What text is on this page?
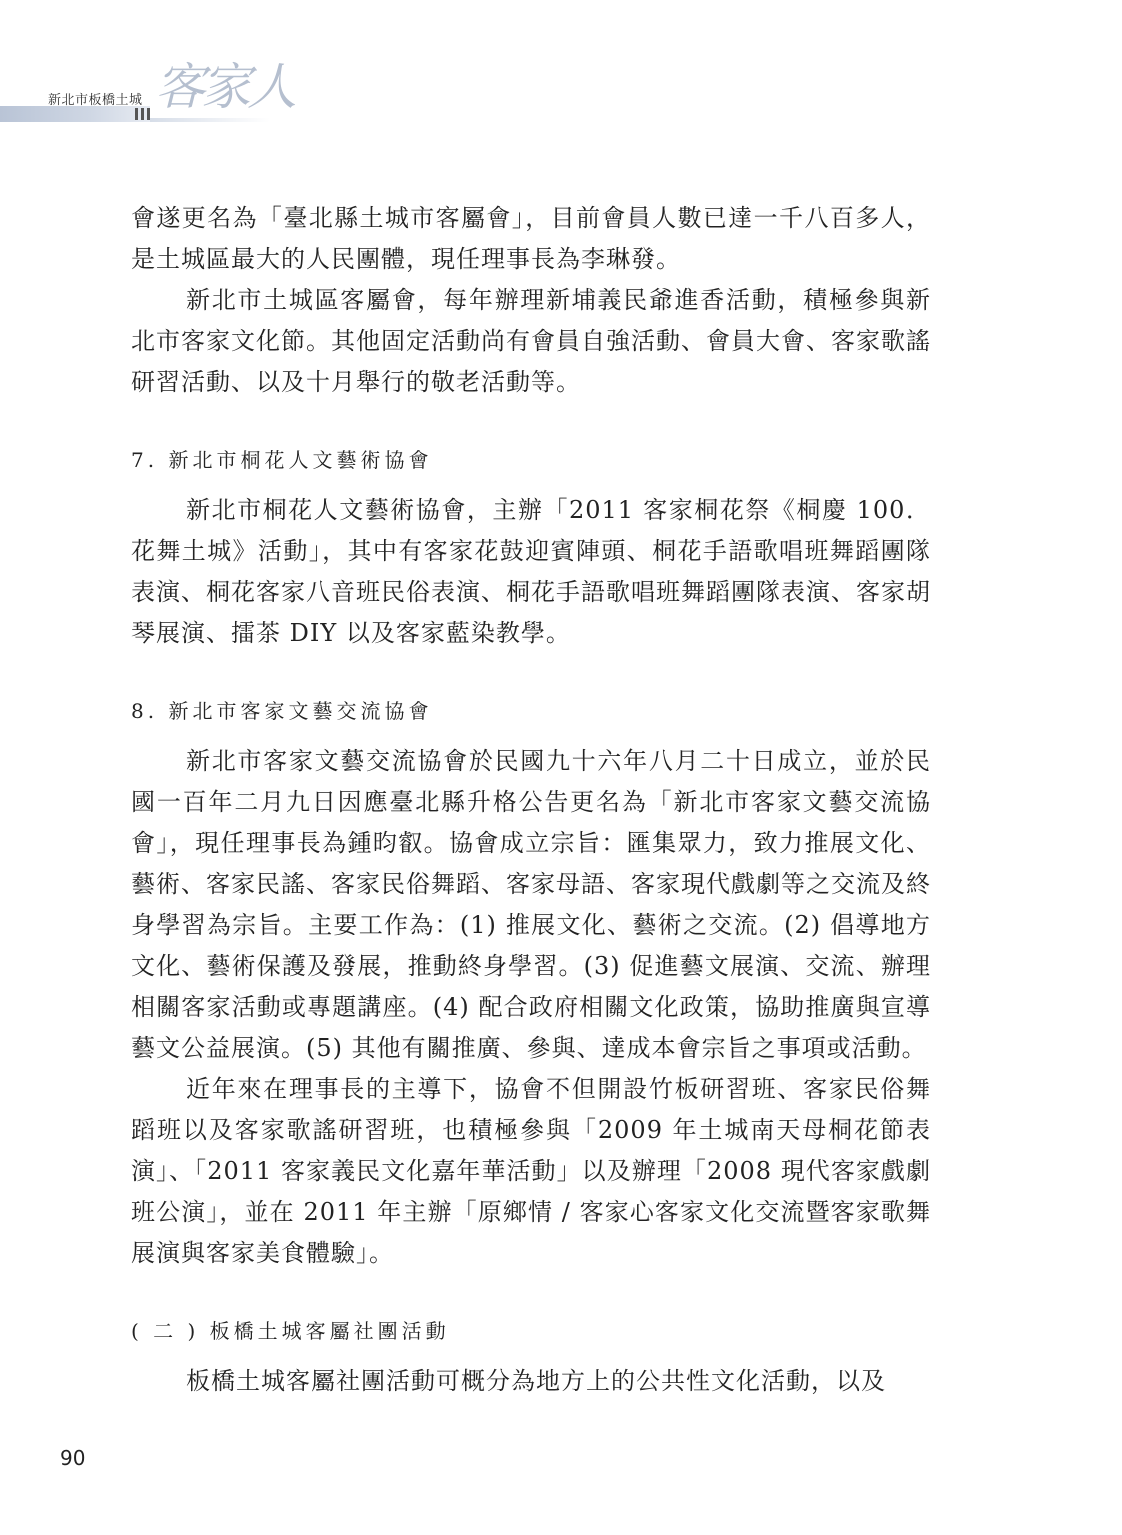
新北市板橋土城 客家人

會遂更名為「臺北縣土城市客屬會」，目前會員人數已達一千八百多人，是土城區最大的人民團體，現任理事長為李琳發。

新北市土城區客屬會，每年辦理新埔義民爺進香活動，積極參與新北市客家文化節。其他固定活動尚有會員自強活動、會員大會、客家歌謠研習活動、以及十月舉行的敬老活動等。

7. 新北市桐花人文藝術協會

新北市桐花人文藝術協會，主辦「2011 客家桐花祭《桐慶 100．花舞土城》活動」，其中有客家花鼓迎賓陣頭、桐花手語歌唱班舞蹈團隊表演、桐花客家八音班民俗表演、桐花手語歌唱班舞蹈團隊表演、客家胡琴展演、擂茶 DIY 以及客家藍染教學。

8. 新北市客家文藝交流協會

新北市客家文藝交流協會於民國九十六年八月二十日成立，並於民國一百年二月九日因應臺北縣升格公告更名為「新北市客家文藝交流協會」，現任理事長為鍾昀叡。協會成立宗旨：匯集眾力，致力推展文化、藝術、客家民謠、客家民俗舞蹈、客家母語、客家現代戲劇等之交流及終身學習為宗旨。主要工作為：(1) 推展文化、藝術之交流。(2) 倡導地方文化、藝術保護及發展，推動終身學習。(3) 促進藝文展演、交流、辦理相關客家活動或專題講座。(4) 配合政府相關文化政策，協助推廣與宣導藝文公益展演。(5) 其他有關推廣、參與、達成本會宗旨之事項或活動。

近年來在理事長的主導下，協會不但開設竹板研習班、客家民俗舞蹈班以及客家歌謠研習班，也積極參與「2009 年土城南天母桐花節表演」、「2011 客家義民文化嘉年華活動」以及辦理「2008 現代客家戲劇班公演」，並在 2011 年主辦「原鄉情 / 客家心客家文化交流暨客家歌舞展演與客家美食體驗」。

( 二 ) 板橋土城客屬社團活動

板橋土城客屬社團活動可概分為地方上的公共性文化活動，以及

90
